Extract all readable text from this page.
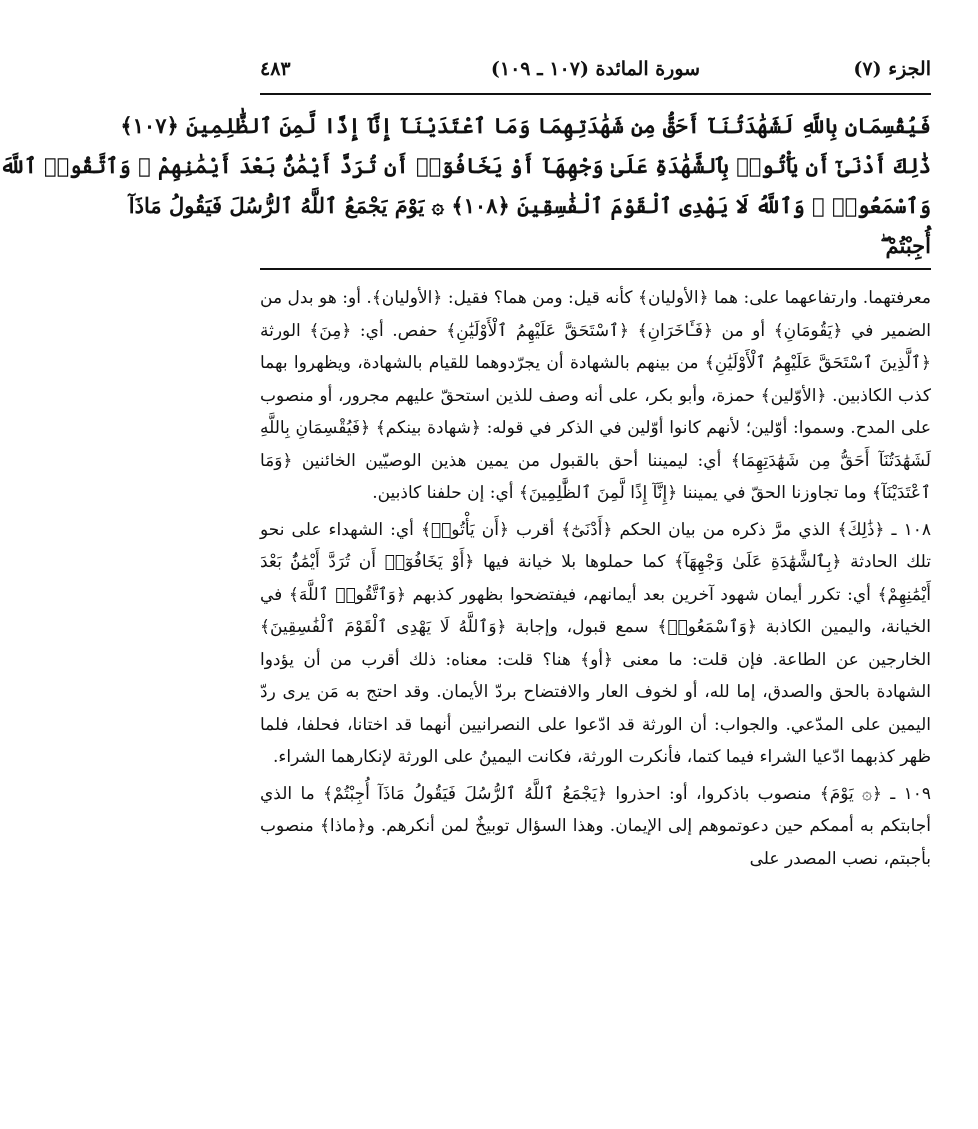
الجزء (٧)
سورة المائدة (١٠٧ ـ ١٠٩)
٤٨٣
فَيُقْسِمَانِ بِاللَّهِ لَشَهَٰدَتُنَآ أَحَقُّ مِن شَهَٰدَتِهِمَا وَمَا ٱعْتَدَيْنَآ إِنَّآ إِذًا لَّمِنَ ٱلظَّٰلِمِينَ ﴿١٠٧﴾
ذَٰلِكَ أَدْنَىٰٓ أَن يَأْتُوا۟ بِٱلشَّهَٰدَةِ عَلَىٰ وَجْهِهَآ أَوْ يَخَافُوٓا۟ أَن تُرَدَّ أَيْمَٰنٌۢ بَعْدَ أَيْمَٰنِهِمْ ۗ وَٱتَّقُوا۟ ٱللَّهَ
وَٱسْمَعُوا۟ ۗ وَٱللَّهُ لَا يَهْدِى ٱلْقَوْمَ ٱلْفَٰسِقِينَ ﴿١٠٨﴾ ۞ يَوْمَ يَجْمَعُ ٱللَّهُ ٱلرُّسُلَ فَيَقُولُ مَاذَآ
أُجِبْتُمْ ۖ

معرفتهما. وارتفاعهما على: هما ﴿الأوليان﴾ كأنه قيل: ومن هما؟ فقيل: ﴿الأوليان﴾. أو: هو بدل من الضمير في ﴿يَقُومَانِ﴾ أو من ﴿فَـَٔاخَرَانِ﴾ ﴿ٱسْتَحَقَّ عَلَيْهِمُ ٱلْأَوْلَيَٰنِ﴾ حفص. أي: ﴿مِنَ﴾ الورثة ﴿ٱلَّذِينَ ٱسْتَحَقَّ عَلَيْهِمُ ٱلْأَوْلَيَٰنِ﴾ من بينهم بالشهادة أن يجرّدوهما للقيام بالشهادة، ويظهروا بهما كذب الكاذبين. ﴿الأوّلين﴾ حمزة، وأبو بكر، على أنه وصف للذين استحقّ عليهم مجرور، أو منصوب على المدح. وسموا: أوّلين؛ لأنهم كانوا أوّلين في الذكر في قوله: ﴿شهادة بينكم﴾ ﴿فَيُقْسِمَانِ بِاللَّهِ لَشَهَٰدَتُنَآ أَحَقُّ مِن شَهَٰدَتِهِمَا﴾ أي: ليميننا أحق بالقبول من يمين هذين الوصيّين الخائنين ﴿وَمَا ٱعْتَدَيْنَآ﴾ وما تجاوزنا الحقّ في يميننا ﴿إِنَّآ إِذًا لَّمِنَ ٱلظَّٰلِمِينَ﴾ أي: إن حلفنا كاذبين.

١٠٨ ـ ﴿ذَٰلِكَ﴾ الذي مرَّ ذكره من بيان الحكم ﴿أَدْنَىٰٓ﴾ أقرب ﴿أَن يَأْتُوا۟﴾ أي: الشهداء على نحو تلك الحادثة ﴿بِٱلشَّهَٰدَةِ عَلَىٰ وَجْهِهَآ﴾ كما حملوها بلا خيانة فيها ﴿أَوْ يَخَافُوٓا۟ أَن تُرَدَّ أَيْمَٰنٌۢ بَعْدَ أَيْمَٰنِهِمْ﴾ أي: تكرر أيمان شهود آخرين بعد أيمانهم، فيفتضحوا بظهور كذبهم ﴿وَٱتَّقُوا۟ ٱللَّهَ﴾ في الخيانة، واليمين الكاذبة ﴿وَٱسْمَعُوا۟﴾ سمع قبول، وإجابة ﴿وَٱللَّهُ لَا يَهْدِى ٱلْقَوْمَ ٱلْفَٰسِقِينَ﴾ الخارجين عن الطاعة. فإن قلت: ما معنى ﴿أو﴾ هنا؟ قلت: معناه: ذلك أقرب من أن يؤدوا الشهادة بالحق والصدق، إما لله، أو لخوف العار والافتضاح بردّ الأيمان. وقد احتج به مَن يرى ردّ اليمين على المدّعي. والجواب: أن الورثة قد ادّعوا على النصرانيين أنهما قد اختانا، فحلفا، فلما ظهر كذبهما ادّعيا الشراء فيما كتما، فأنكرت الورثة، فكانت اليمينُ على الورثة لإنكارهما الشراء.

١٠٩ ـ ﴿۞ يَوْمَ﴾ منصوب باذكروا، أو: احذروا ﴿يَجْمَعُ ٱللَّهُ ٱلرُّسُلَ فَيَقُولُ مَاذَآ أُجِبْتُمْ﴾ ما الذي أجابتكم به أممكم حين دعوتموهم إلى الإيمان. وهذا السؤال توبيخٌ لمن أنكرهم. و﴿ماذا﴾ منصوب بأجبتم، نصب المصدر على
